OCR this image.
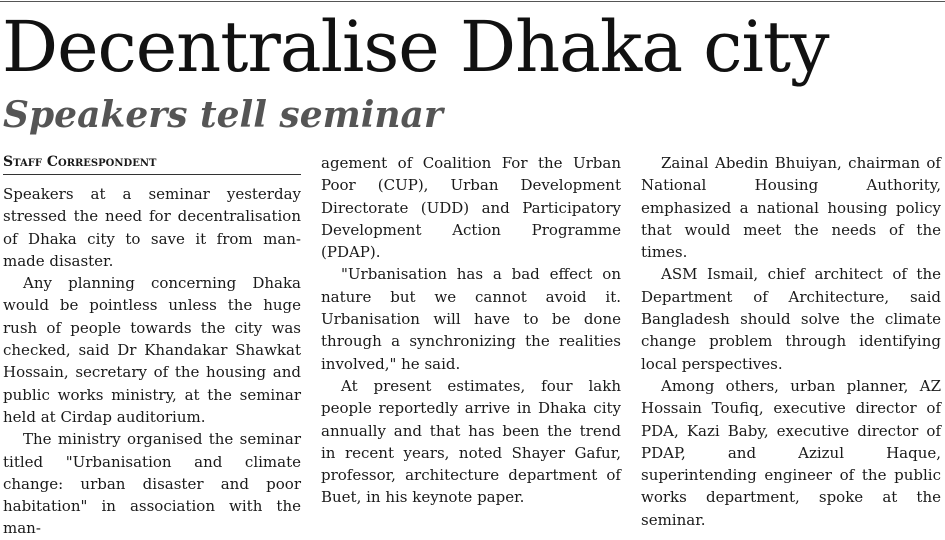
Decentralise Dhaka city
Speakers tell seminar
Staff Correspondent

Speakers at a seminar yesterday stressed the need for decentralisation of Dhaka city to save it from man-made disaster.

Any planning concerning Dhaka would be pointless unless the huge rush of people towards the city was checked, said Dr Khandakar Shawkat Hossain, secretary of the housing and public works ministry, at the seminar held at Cirdap auditorium.

The ministry organised the seminar titled "Urbanisation and climate change: urban disaster and poor habitation" in association with the man-

agement of Coalition For the Urban Poor (CUP), Urban Development Directorate (UDD) and Participatory Development Action Programme (PDAP).

"Urbanisation has a bad effect on nature but we cannot avoid it. Urbanisation will have to be done through a synchronizing the realities involved," he said.

At present estimates, four lakh people reportedly arrive in Dhaka city annually and that has been the trend in recent years, noted Shayer Gafur, professor, architecture department of Buet, in his keynote paper.

Zainal Abedin Bhuiyan, chairman of National Housing Authority, emphasized a national housing policy that would meet the needs of the times.

ASM Ismail, chief architect of the Department of Architecture, said Bangladesh should solve the climate change problem through identifying local perspectives.

Among others, urban planner, AZ Hossain Toufiq, executive director of PDA, Kazi Baby, executive director of PDAP, and Azizul Haque, superintending engineer of the public works department, spoke at the seminar.
